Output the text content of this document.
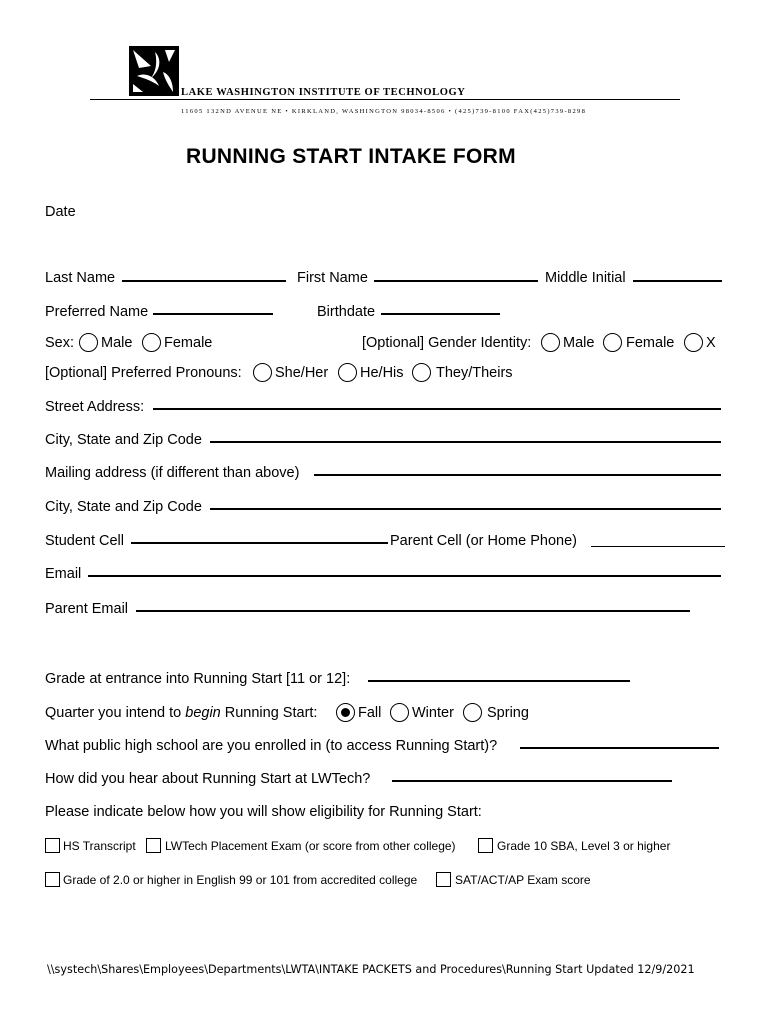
LAKE WASHINGTON INSTITUTE OF TECHNOLOGY
11605 132ND AVENUE NE • KIRKLAND, WASHINGTON 98034-8506 • (425)739-8100 FAX(425)739-8298
RUNNING START INTAKE FORM
Date
Last Name	First Name	Middle Initial
Preferred Name	Birthdate
Sex: Male Female	[Optional] Gender Identity: Male Female X
[Optional] Preferred Pronouns: She/Her He/His They/Theirs
Street Address:
City, State and Zip Code
Mailing address (if different than above)
City, State and Zip Code
Student Cell	Parent Cell (or Home Phone)
Email
Parent Email
Grade at entrance into Running Start [11 or 12]:
Quarter you intend to begin Running Start:	Fall Winter Spring
What public high school are you enrolled in (to access Running Start)?
How did you hear about Running Start at LWTech?
Please indicate below how you will show eligibility for Running Start:
HS Transcript LWTech Placement Exam (or score from other college)	Grade 10 SBA, Level 3 or higher
Grade of 2.0 or higher in English 99 or 101 from accredited college	SAT/ACT/AP Exam score
\\systech\Shares\Employees\Departments\LWTA\INTAKE PACKETS and Procedures\Running Start Updated 12/9/2021
